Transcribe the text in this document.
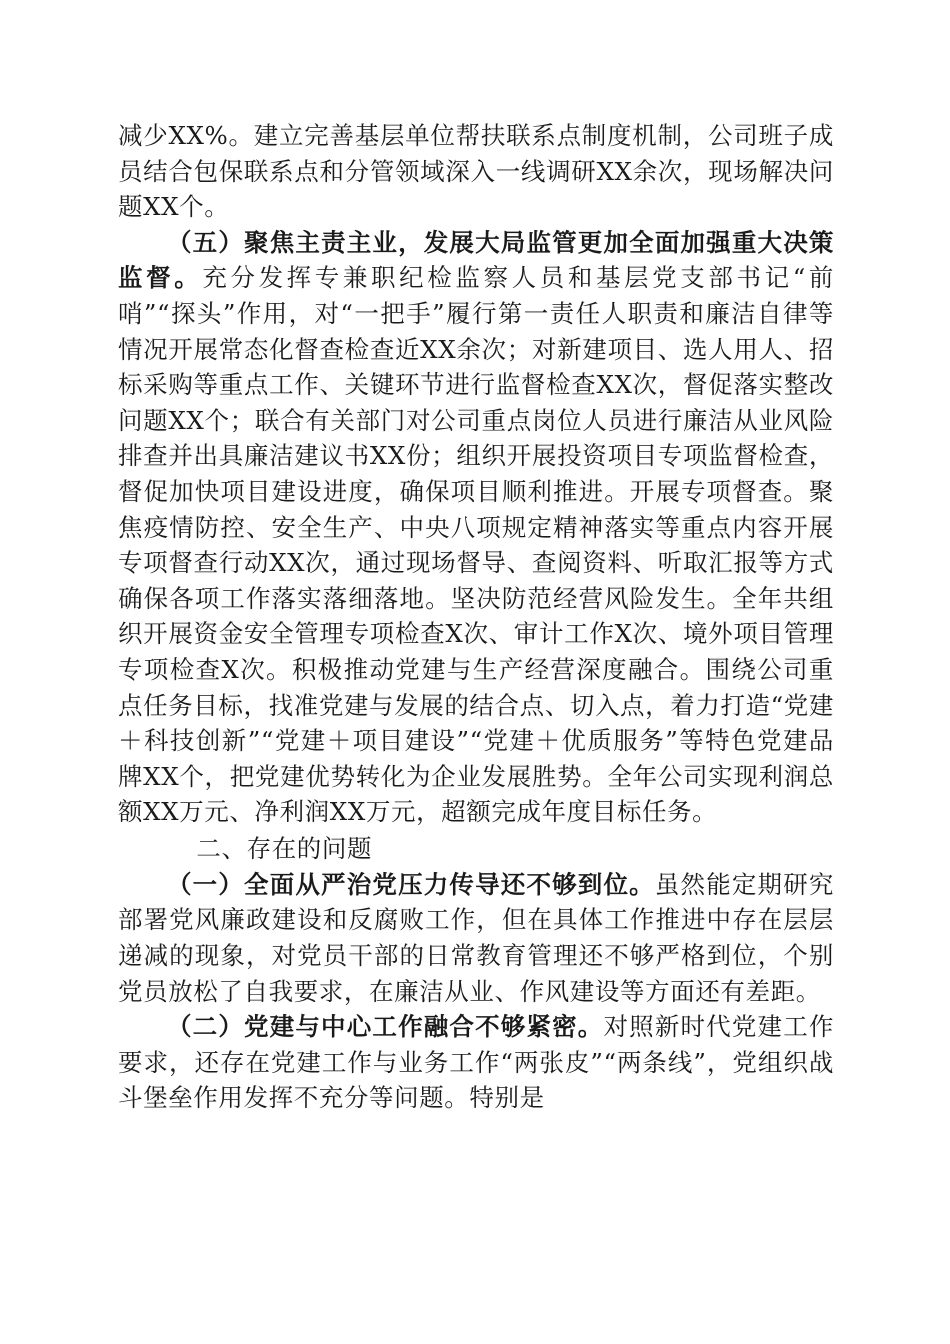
减少XX%。建立完善基层单位帮扶联系点制度机制，公司班子成员结合包保联系点和分管领域深入一线调研XX余次，现场解决问题XX个。

（五）聚焦主责主业，发展大局监管更加全面加强重大决策监督。充分发挥专兼职纪检监察人员和基层党支部书记“前哨”“探头”作用，对“一把手”履行第一责任人职责和廉洁自律等情况开展常态化督查检查近XX余次；对新建项目、选人用人、招标采购等重点工作、关键环节进行监督检查XX次，督促落实整改问题XX个；联合有关部门对公司重点岗位人员进行廉洁从业风险排查并出具廉洁建议书XX份；组织开展投资项目专项监督检查，督促加快项目建设进度，确保项目顺利推进。开展专项督查。聚焦疫情防控、安全生产、中央八项规定精神落实等重点内容开展专项督查行动XX次，通过现场督导、查阅资料、听取汇报等方式确保各项工作落实落细落地。坚决防范经营风险发生。全年共组织开展资金安全管理专项检查X次、审计工作X次、境外项目管理专项检查X次。积极推动党建与生产经营深度融合。围绕公司重点任务目标，找准党建与发展的结合点、切入点，着力打造“党建＋科技创新”“党建＋项目建设”“党建＋优质服务”等特色党建品牌XX个，把党建优势转化为企业发展胜势。全年公司实现利润总额XX万元、净利润XX万元，超额完成年度目标任务。

二、存在的问题

（一）全面从严治党压力传导还不够到位。虽然能定期研究部署党风廉政建设和反腐败工作，但在具体工作推进中存在层层递减的现象，对党员干部的日常教育管理还不够严格到位，个别党员放松了自我要求，在廉洁从业、作风建设等方面还有差距。

（二）党建与中心工作融合不够紧密。对照新时代党建工作要求，还存在党建工作与业务工作“两张皮”“两条线”，党组织战斗堡垒作用发挥不充分等问题。特别是
